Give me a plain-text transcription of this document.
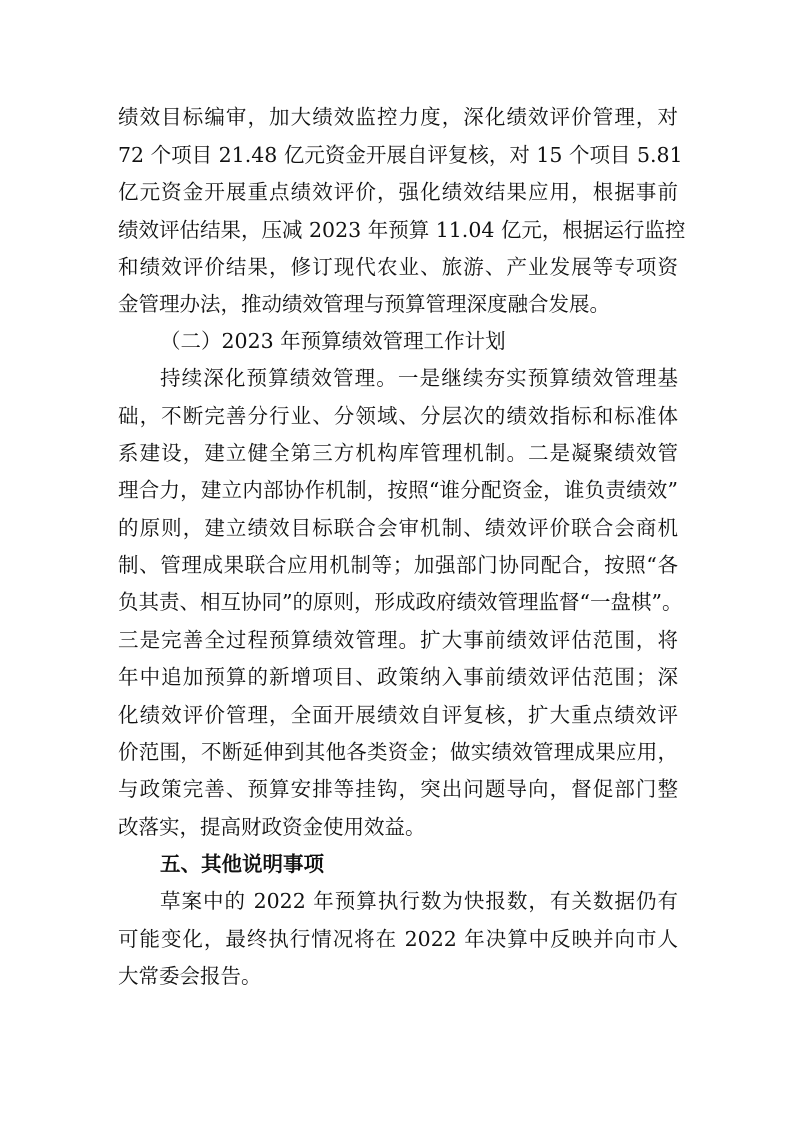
绩效目标编审，加大绩效监控力度，深化绩效评价管理，对
72 个项目 21.48 亿元资金开展自评复核，对 15 个项目 5.81
亿元资金开展重点绩效评价，强化绩效结果应用，根据事前
绩效评估结果，压减 2023 年预算 11.04 亿元，根据运行监控
和绩效评价结果，修订现代农业、旅游、产业发展等专项资
金管理办法，推动绩效管理与预算管理深度融合发展。
（二）2023 年预算绩效管理工作计划
持续深化预算绩效管理。一是继续夯实预算绩效管理基
础，不断完善分行业、分领域、分层次的绩效指标和标准体
系建设，建立健全第三方机构库管理机制。二是凝聚绩效管
理合力，建立内部协作机制，按照“谁分配资金，谁负责绩效”
的原则，建立绩效目标联合会审机制、绩效评价联合会商机
制、管理成果联合应用机制等；加强部门协同配合，按照“各
负其责、相互协同”的原则，形成政府绩效管理监督“一盘棋”。
三是完善全过程预算绩效管理。扩大事前绩效评估范围，将
年中追加预算的新增项目、政策纳入事前绩效评估范围；深
化绩效评价管理，全面开展绩效自评复核，扩大重点绩效评
价范围，不断延伸到其他各类资金；做实绩效管理成果应用，
与政策完善、预算安排等挂钩，突出问题导向，督促部门整
改落实，提高财政资金使用效益。
五、其他说明事项
草案中的 2022 年预算执行数为快报数，有关数据仍有
可能变化，最终执行情况将在 2022 年决算中反映并向市人
大常委会报告。
